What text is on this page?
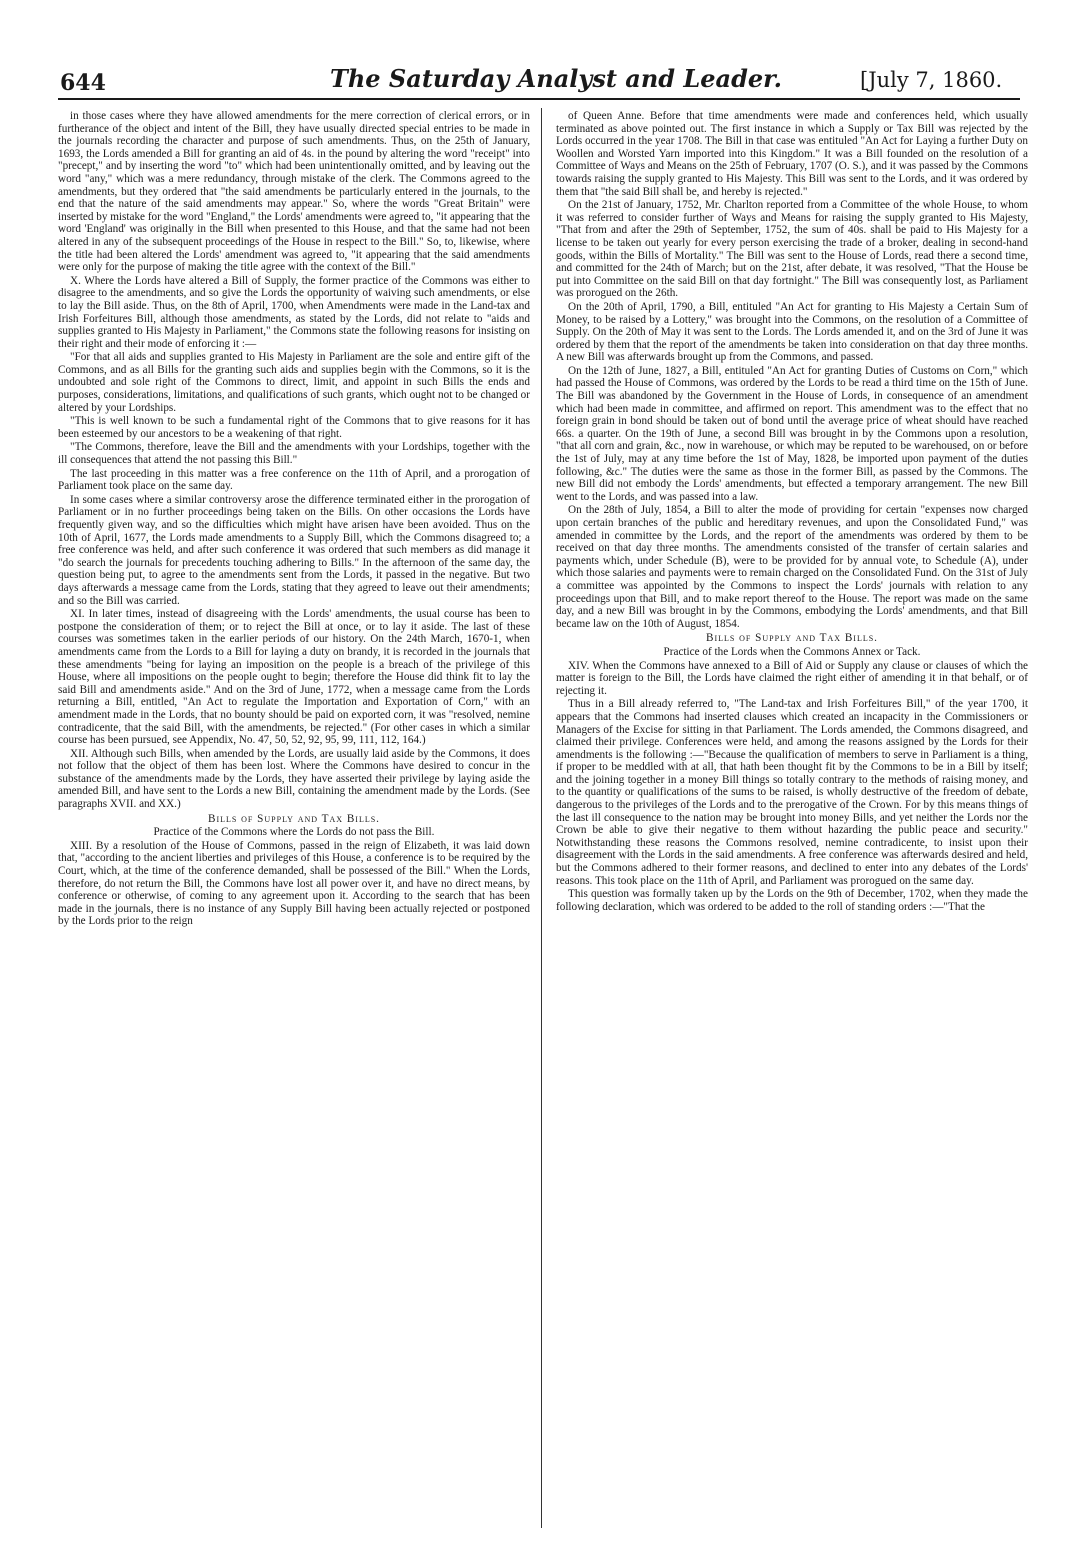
644	The Saturday Analyst and Leader.	[July 7, 1860.

in those cases where they have allowed amendments for the mere correction of clerical errors, or in furtherance of the object and intent of the Bill, they have usually directed special entries to be made in the journals recording the character and purpose of such amendments. Thus, on the 25th of January, 1693, the Lords amended a Bill for granting an aid of 4s. in the pound by altering the word "receipt" into "precept," and by inserting the word "to" which had been unintentionally omitted, and by leaving out the word "any," which was a mere redundancy, through mistake of the clerk. The Commons agreed to the amendments, but they ordered that "the said amendments be particularly entered in the journals, to the end that the nature of the said amendments may appear." So, where the words "Great Britain" were inserted by mistake for the word "England," the Lords' amendments were agreed to, "it appearing that the word 'England' was originally in the Bill when presented to this House, and that the same had not been altered in any of the subsequent proceedings of the House in respect to the Bill." So, to, likewise, where the title had been altered the Lords' amendment was agreed to, "it appearing that the said amendments were only for the purpose of making the title agree with the context of the Bill."

X. Where the Lords have altered a Bill of Supply, the former practice of the Commons was either to disagree to the amendments, and so give the Lords the opportunity of waiving such amendments, or else to lay the Bill aside. Thus, on the 8th of April, 1700, when Amendments were made in the Land-tax and Irish Forfeitures Bill, although those amendments, as stated by the Lords, did not relate to "aids and supplies granted to His Majesty in Parliament," the Commons state the following reasons for insisting on their right and their mode of enforcing it :—

"For that all aids and supplies granted to His Majesty in Parliament are the sole and entire gift of the Commons, and as all Bills for the granting such aids and supplies begin with the Commons, so it is the undoubted and sole right of the Commons to direct, limit, and appoint in such Bills the ends and purposes, considerations, limitations, and qualifications of such grants, which ought not to be changed or altered by your Lordships.

"This is well known to be such a fundamental right of the Commons that to give reasons for it has been esteemed by our ancestors to be a weakening of that right.

"The Commons, therefore, leave the Bill and the amendments with your Lordships, together with the ill consequences that attend the not passing this Bill."

The last proceeding in this matter was a free conference on the 11th of April, and a prorogation of Parliament took place on the same day.

In some cases where a similar controversy arose the difference terminated either in the prorogation of Parliament or in no further proceedings being taken on the Bills. On other occasions the Lords have frequently given way, and so the difficulties which might have arisen have been avoided. Thus on the 10th of April, 1677, the Lords made amendments to a Supply Bill, which the Commons disagreed to; a free conference was held, and after such conference it was ordered that such members as did manage it "do search the journals for precedents touching adhering to Bills." In the afternoon of the same day, the question being put, to agree to the amendments sent from the Lords, it passed in the negative. But two days afterwards a message came from the Lords, stating that they agreed to leave out their amendments; and so the Bill was carried.

XI. In later times, instead of disagreeing with the Lords' amendments, the usual course has been to postpone the consideration of them; or to reject the Bill at once, or to lay it aside. The last of these courses was sometimes taken in the earlier periods of our history. On the 24th March, 1670-1, when amendments came from the Lords to a Bill for laying a duty on brandy, it is recorded in the journals that these amendments "being for laying an imposition on the people is a breach of the privilege of this House, where all impositions on the people ought to begin; therefore the House did think fit to lay the said Bill and amendments aside." And on the 3rd of June, 1772, when a message came from the Lords returning a Bill, entitled, "An Act to regulate the Importation and Exportation of Corn," with an amendment made in the Lords, that no bounty should be paid on exported corn, it was "resolved, nemine contradicente, that the said Bill, with the amendments, be rejected." (For other cases in which a similar course has been pursued, see Appendix, No. 47, 50, 52, 92, 95, 99, 111, 112, 164.)

XII. Although such Bills, when amended by the Lords, are usually laid aside by the Commons, it does not follow that the object of them has been lost. Where the Commons have desired to concur in the substance of the amendments made by the Lords, they have asserted their privilege by laying aside the amended Bill, and have sent to the Lords a new Bill, containing the amendment made by the Lords. (See paragraphs XVII. and XX.)

Bills of Supply and Tax Bills.
Practice of the Commons where the Lords do not pass the Bill.

XIII. By a resolution of the House of Commons, passed in the reign of Elizabeth, it was laid down that, "according to the ancient liberties and privileges of this House, a conference is to be required by the Court, which, at the time of the conference demanded, shall be possessed of the Bill." When the Lords, therefore, do not return the Bill, the Commons have lost all power over it, and have no direct means, by conference or otherwise, of coming to any agreement upon it. According to the search that has been made in the journals, there is no instance of any Supply Bill having been actually rejected or postponed by the Lords prior to the reign

of Queen Anne. Before that time amendments were made and conferences held, which usually terminated as above pointed out. The first instance in which a Supply or Tax Bill was rejected by the Lords occurred in the year 1708. The Bill in that case was entituled "An Act for Laying a further Duty on Woollen and Worsted Yarn imported into this Kingdom." It was a Bill founded on the resolution of a Committee of Ways and Means on the 25th of February, 1707 (O. S.), and it was passed by the Commons towards raising the supply granted to His Majesty. This Bill was sent to the Lords, and it was ordered by them that "the said Bill shall be, and hereby is rejected."

On the 21st of January, 1752, Mr. Charlton reported from a Committee of the whole House, to whom it was referred to consider further of Ways and Means for raising the supply granted to His Majesty, "That from and after the 29th of September, 1752, the sum of 40s. shall be paid to His Majesty for a license to be taken out yearly for every person exercising the trade of a broker, dealing in second-hand goods, within the Bills of Mortality." The Bill was sent to the House of Lords, read there a second time, and committed for the 24th of March; but on the 21st, after debate, it was resolved, "That the House be put into Committee on the said Bill on that day fortnight." The Bill was consequently lost, as Parliament was prorogued on the 26th.

On the 20th of April, 1790, a Bill, entituled "An Act for granting to His Majesty a Certain Sum of Money, to be raised by a Lottery," was brought into the Commons, on the resolution of a Committee of Supply. On the 20th of May it was sent to the Lords. The Lords amended it, and on the 3rd of June it was ordered by them that the report of the amendments be taken into consideration on that day three months. A new Bill was afterwards brought up from the Commons, and passed.

On the 12th of June, 1827, a Bill, entituled "An Act for granting Duties of Customs on Corn," which had passed the House of Commons, was ordered by the Lords to be read a third time on the 15th of June. The Bill was abandoned by the Government in the House of Lords, in consequence of an amendment which had been made in committee, and affirmed on report. This amendment was to the effect that no foreign grain in bond should be taken out of bond until the average price of wheat should have reached 66s. a quarter. On the 19th of June, a second Bill was brought in by the Commons upon a resolution, "that all corn and grain, &c., now in warehouse, or which may be reputed to be warehoused, on or before the 1st of July, may at any time before the 1st of May, 1828, be imported upon payment of the duties following, &c." The duties were the same as those in the former Bill, as passed by the Commons. The new Bill did not embody the Lords' amendments, but effected a temporary arrangement. The new Bill went to the Lords, and was passed into a law.

On the 28th of July, 1854, a Bill to alter the mode of providing for certain "expenses now charged upon certain branches of the public and hereditary revenues, and upon the Consolidated Fund," was amended in committee by the Lords, and the report of the amendments was ordered by them to be received on that day three months. The amendments consisted of the transfer of certain salaries and payments which, under Schedule (B), were to be provided for by annual vote, to Schedule (A), under which those salaries and payments were to remain charged on the Consolidated Fund. On the 31st of July a committee was appointed by the Commons to inspect the Lords' journals with relation to any proceedings upon that Bill, and to make report thereof to the House. The report was made on the same day, and a new Bill was brought in by the Commons, embodying the Lords' amendments, and that Bill became law on the 10th of August, 1854.

Bills of Supply and Tax Bills.
Practice of the Lords when the Commons Annex or Tack.

XIV. When the Commons have annexed to a Bill of Aid or Supply any clause or clauses of which the matter is foreign to the Bill, the Lords have claimed the right either of amending it in that behalf, or of rejecting it.

Thus in a Bill already referred to, "The Land-tax and Irish Forfeitures Bill," of the year 1700, it appears that the Commons had inserted clauses which created an incapacity in the Commissioners or Managers of the Excise for sitting in that Parliament. The Lords amended, the Commons disagreed, and claimed their privilege. Conferences were held, and among the reasons assigned by the Lords for their amendments is the following :—"Because the qualification of members to serve in Parliament is a thing, if proper to be meddled with at all, that hath been thought fit by the Commons to be in a Bill by itself; and the joining together in a money Bill things so totally contrary to the methods of raising money, and to the quantity or qualifications of the sums to be raised, is wholly destructive of the freedom of debate, dangerous to the privileges of the Lords and to the prerogative of the Crown. For by this means things of the last ill consequence to the nation may be brought into money Bills, and yet neither the Lords nor the Crown be able to give their negative to them without hazarding the public peace and security." Notwithstanding these reasons the Commons resolved, nemine contradicente, to insist upon their disagreement with the Lords in the said amendments. A free conference was afterwards desired and held, but the Commons adhered to their former reasons, and declined to enter into any debates of the Lords' reasons. This took place on the 11th of April, and Parliament was prorogued on the same day.

This question was formally taken up by the Lords on the 9th of December, 1702, when they made the following declaration, which was ordered to be added to the roll of standing orders :—"That the
